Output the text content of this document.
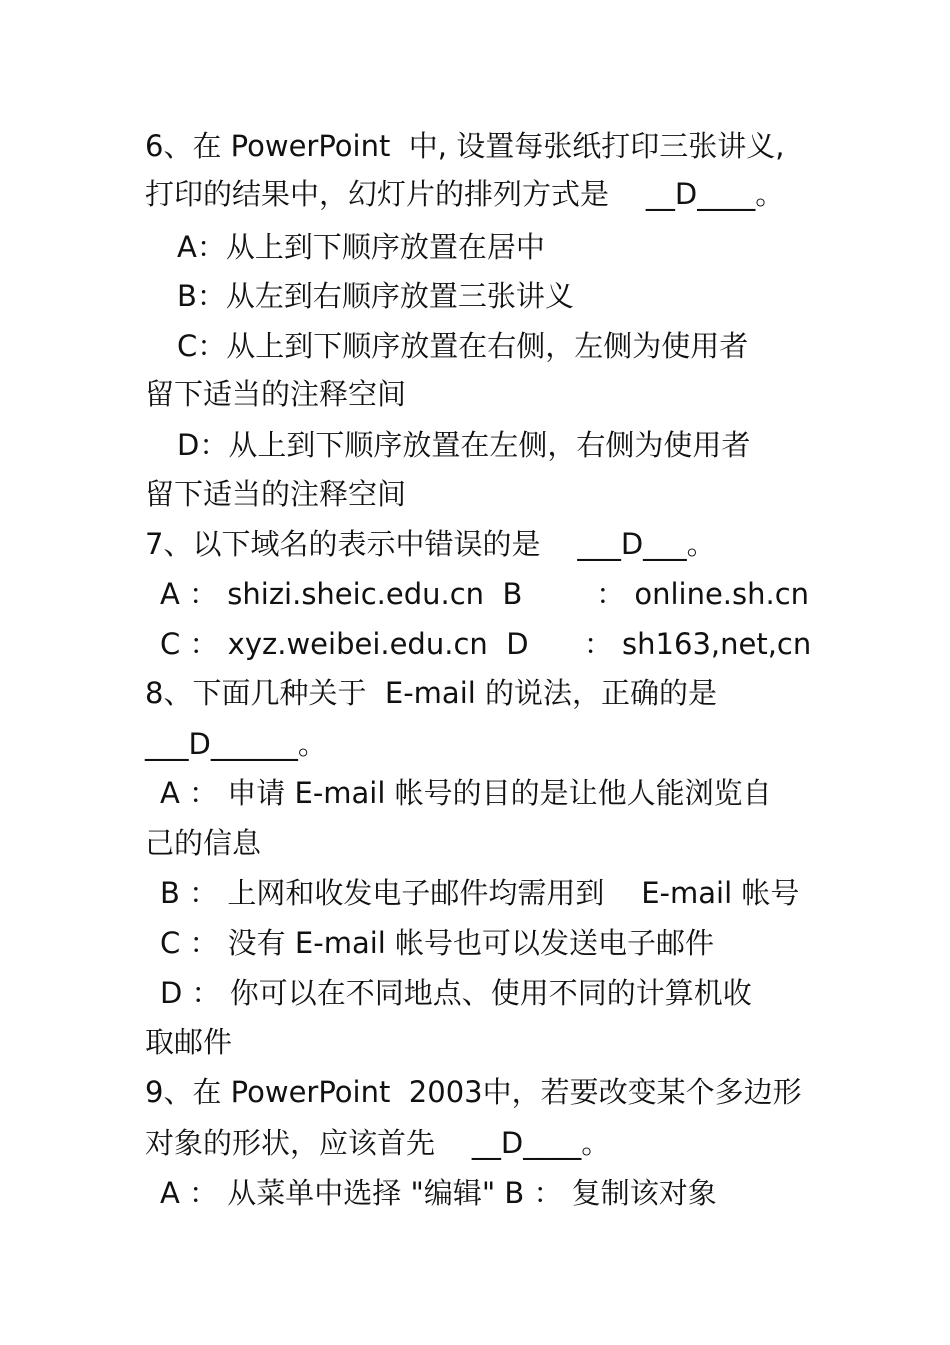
6、在 PowerPoint  中, 设置每张纸打印三张讲义,
打印的结果中，幻灯片的排列方式是    __D____。
A：从上到下顺序放置在居中
B：从左到右顺序放置三张讲义
C：从上到下顺序放置在右侧，左侧为使用者
留下适当的注释空间
D：从上到下顺序放置在左侧，右侧为使用者
留下适当的注释空间
7、以下域名的表示中错误的是    ___D___。
A ： shizi.sheic.edu.cn  B        ： online.sh.cn
C ： xyz.weibei.edu.cn  D      ： sh163,net,cn
8、下面几种关于  E-mail 的说法，正确的是
___D______。
A ： 申请 E-mail 帐号的目的是让他人能浏览自
己的信息
B ： 上网和收发电子邮件均需用到    E-mail 帐号
C ： 没有 E-mail 帐号也可以发送电子邮件
D ： 你可以在不同地点、使用不同的计算机收
取邮件
9、在 PowerPoint  2003中，若要改变某个多边形
对象的形状，应该首先    __D____。
A ： 从菜单中选择 "编辑" B ： 复制该对象
